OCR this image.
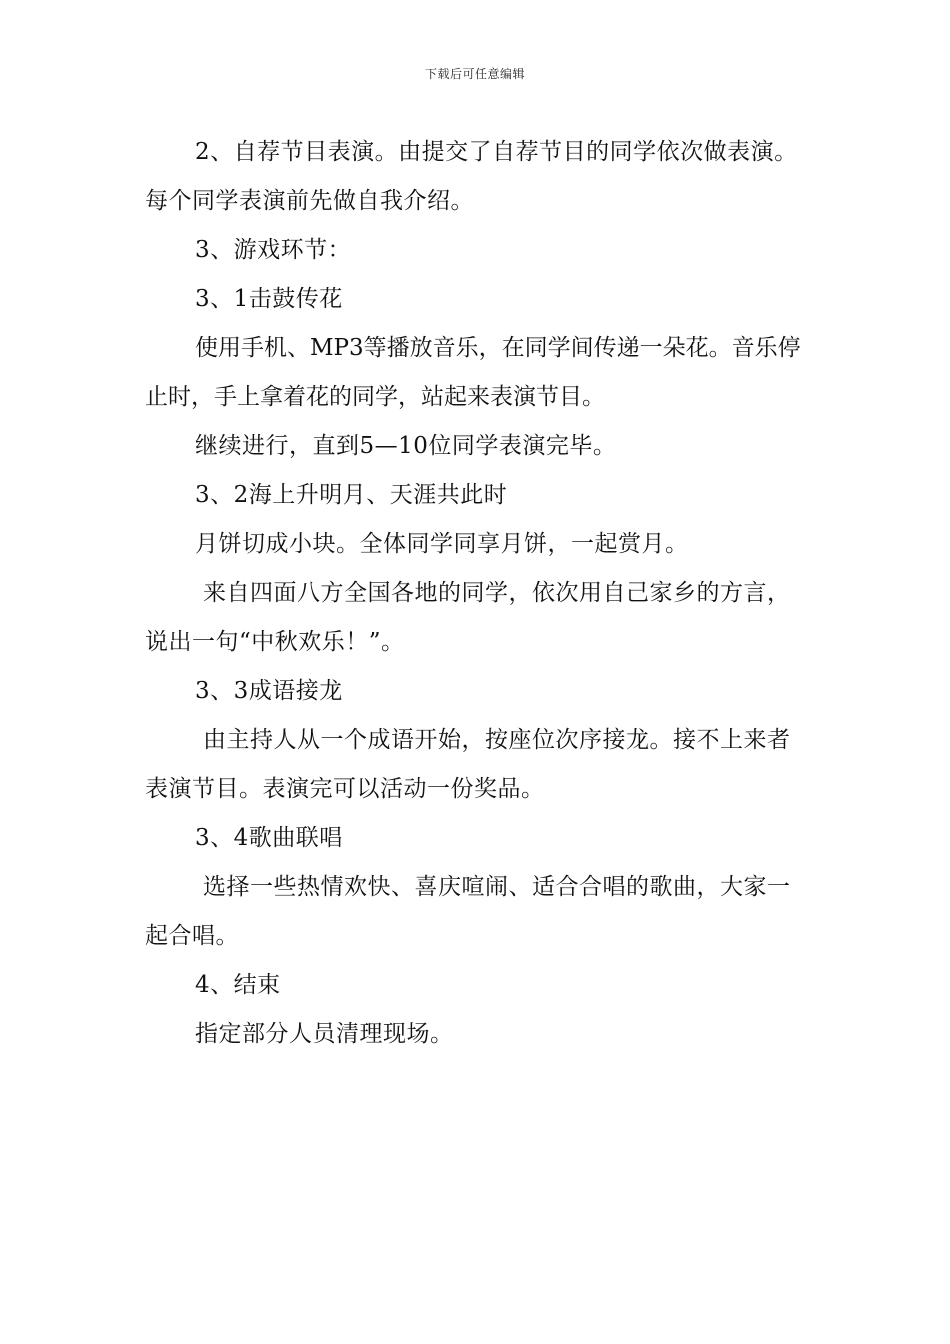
下载后可任意编辑

2、自荐节目表演。由提交了自荐节目的同学依次做表演。每个同学表演前先做自我介绍。

3、游戏环节：

3、1击鼓传花

使用手机、MP3等播放音乐，在同学间传递一朵花。音乐停止时，手上拿着花的同学，站起来表演节目。

继续进行，直到5—10位同学表演完毕。

3、2海上升明月、天涯共此时

月饼切成小块。全体同学同享月饼，一起赏月。

来自四面八方全国各地的同学，依次用自己家乡的方言，说出一句“中秋欢乐！”。

3、3成语接龙

由主持人从一个成语开始，按座位次序接龙。接不上来者表演节目。表演完可以活动一份奖品。

3、4歌曲联唱

选择一些热情欢快、喜庆喧闹、适合合唱的歌曲，大家一起合唱。

4、结束

指定部分人员清理现场。
